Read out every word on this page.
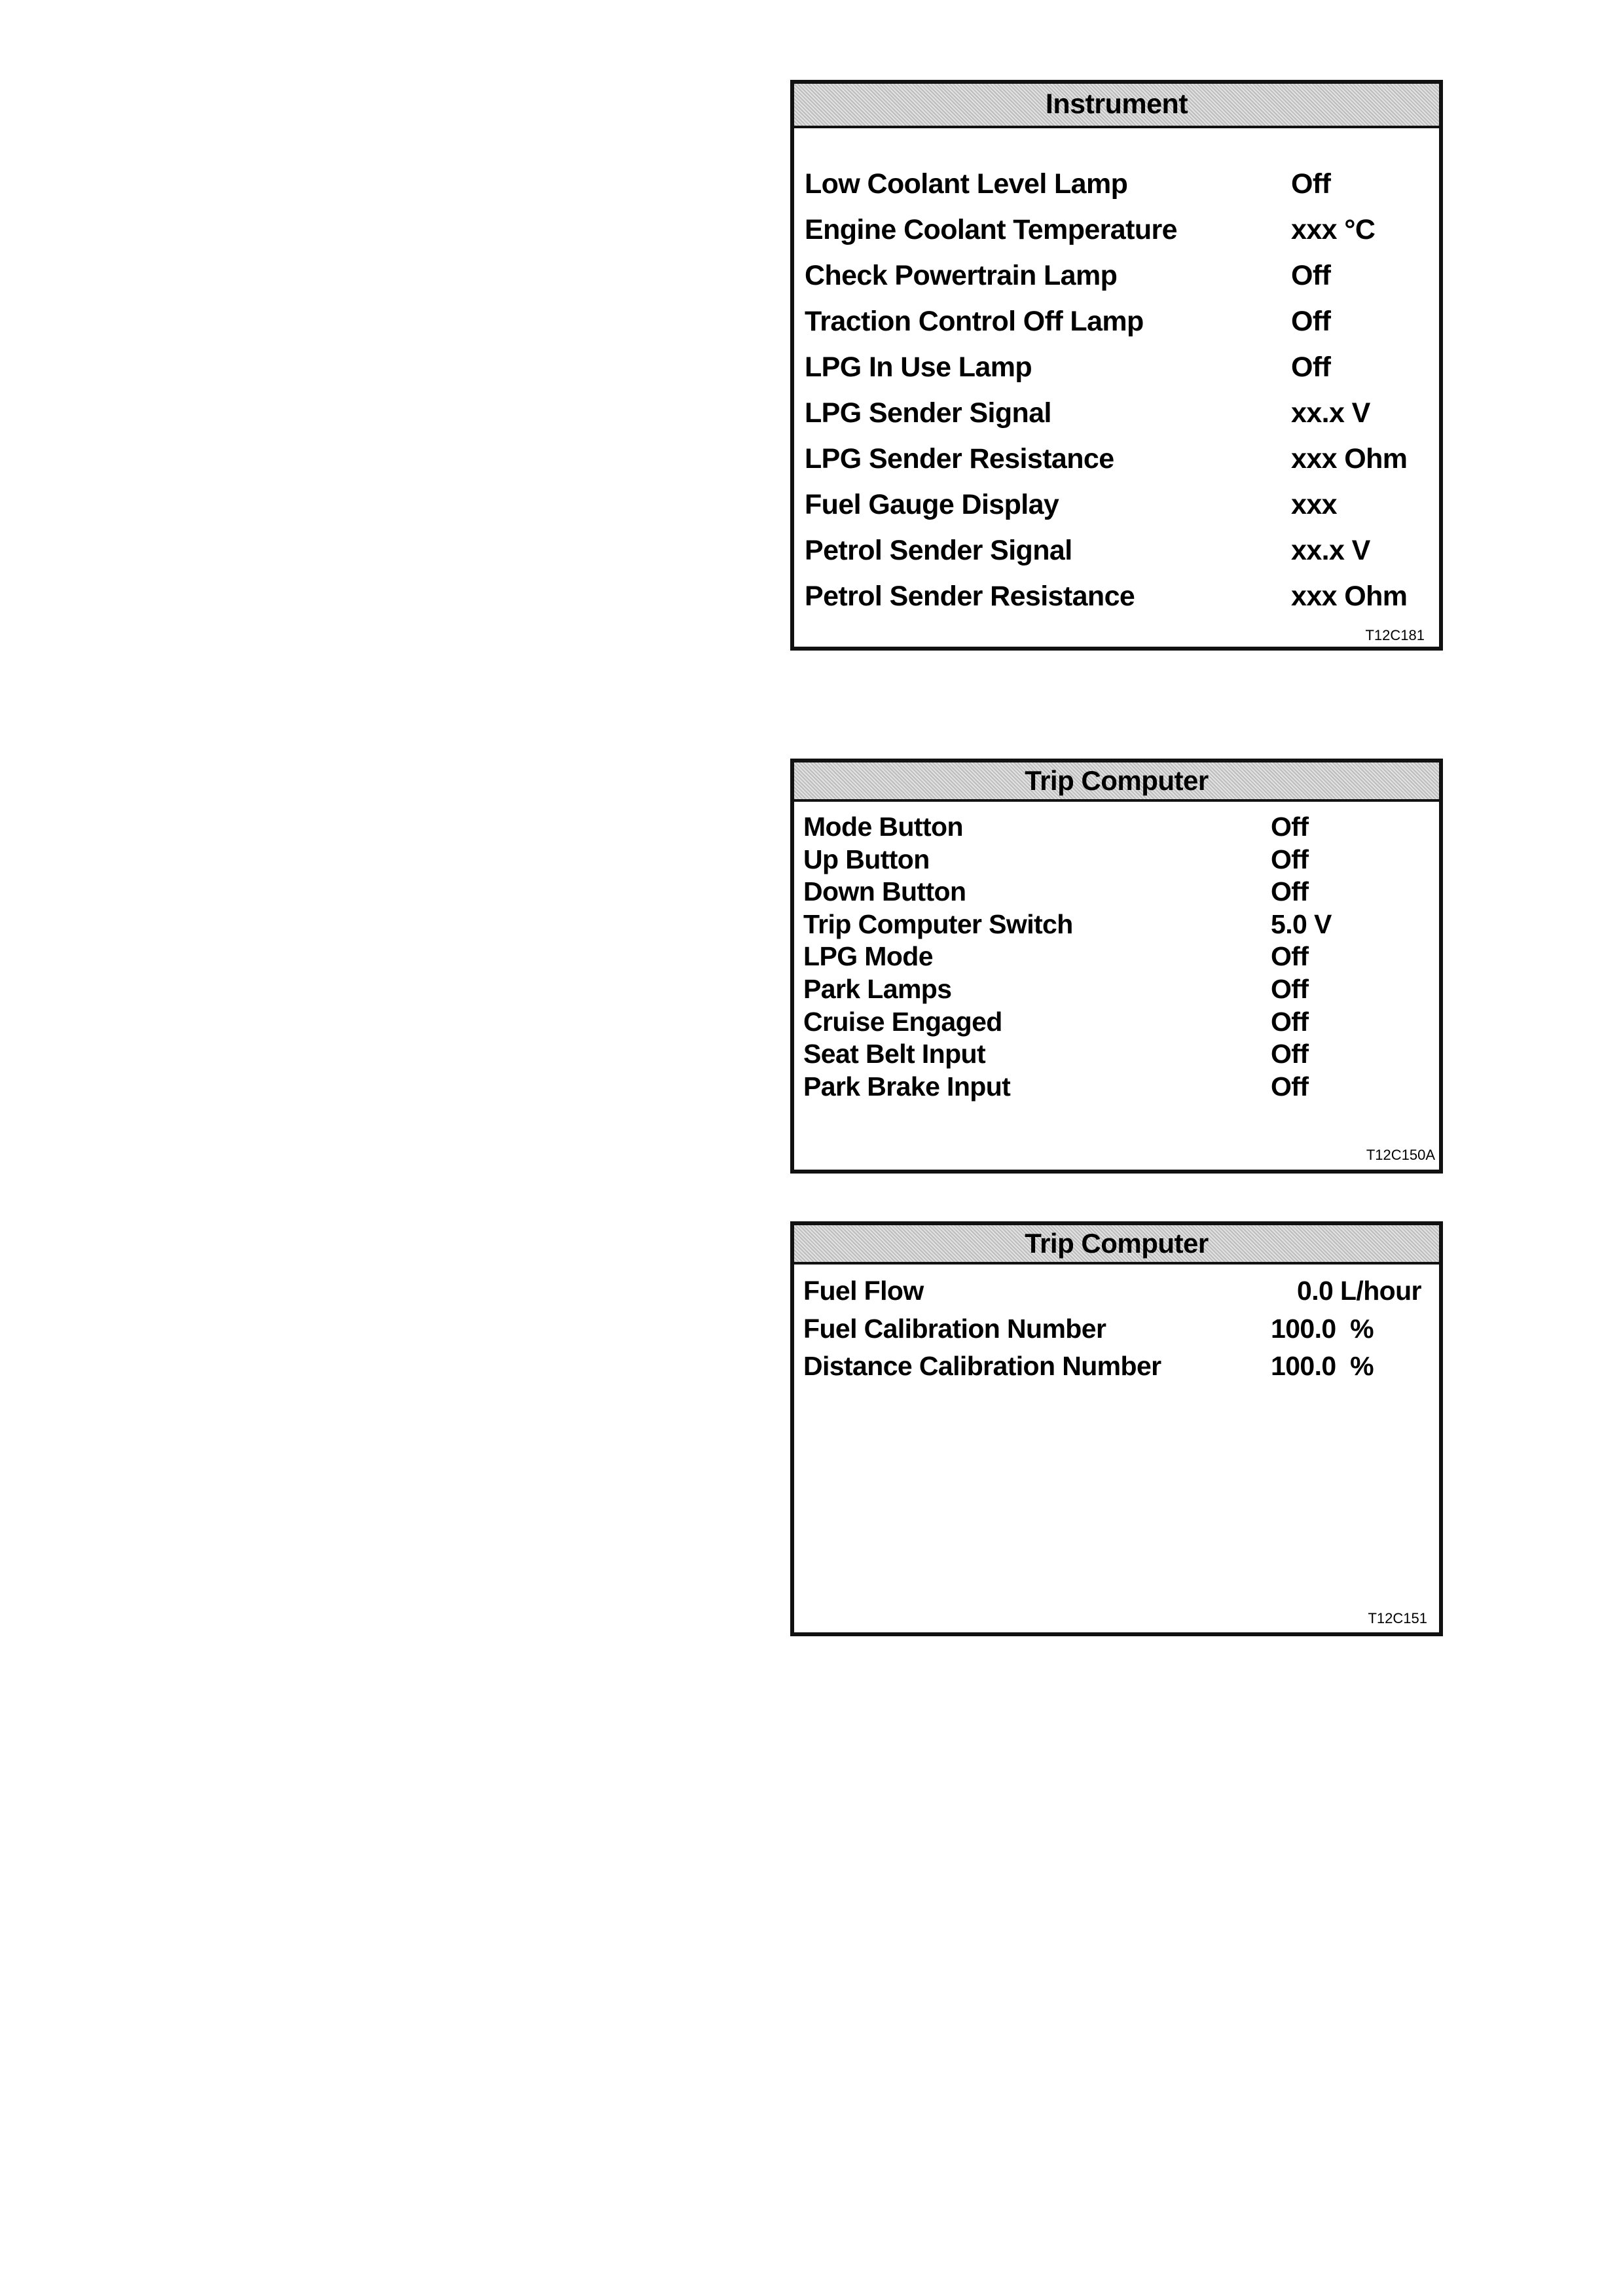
Instrument
Low Coolant Level Lamp	Off
Engine Coolant Temperature	xxx °C
Check Powertrain Lamp	Off
Traction Control Off Lamp	Off
LPG In Use Lamp	Off
LPG Sender Signal	xx.x V
LPG Sender Resistance	xxx Ohm
Fuel Gauge Display	xxx
Petrol Sender Signal	xx.x V
Petrol Sender Resistance	xxx Ohm
T12C181
Trip Computer
Mode Button	Off
Up Button	Off
Down Button	Off
Trip Computer Switch	5.0 V
LPG Mode	Off
Park Lamps	Off
Cruise Engaged	Off
Seat Belt Input	Off
Park Brake Input	Off
T12C150A
Trip Computer
Fuel Flow	0.0 L/hour
Fuel Calibration Number	100.0  %
Distance Calibration Number	100.0  %
T12C151
